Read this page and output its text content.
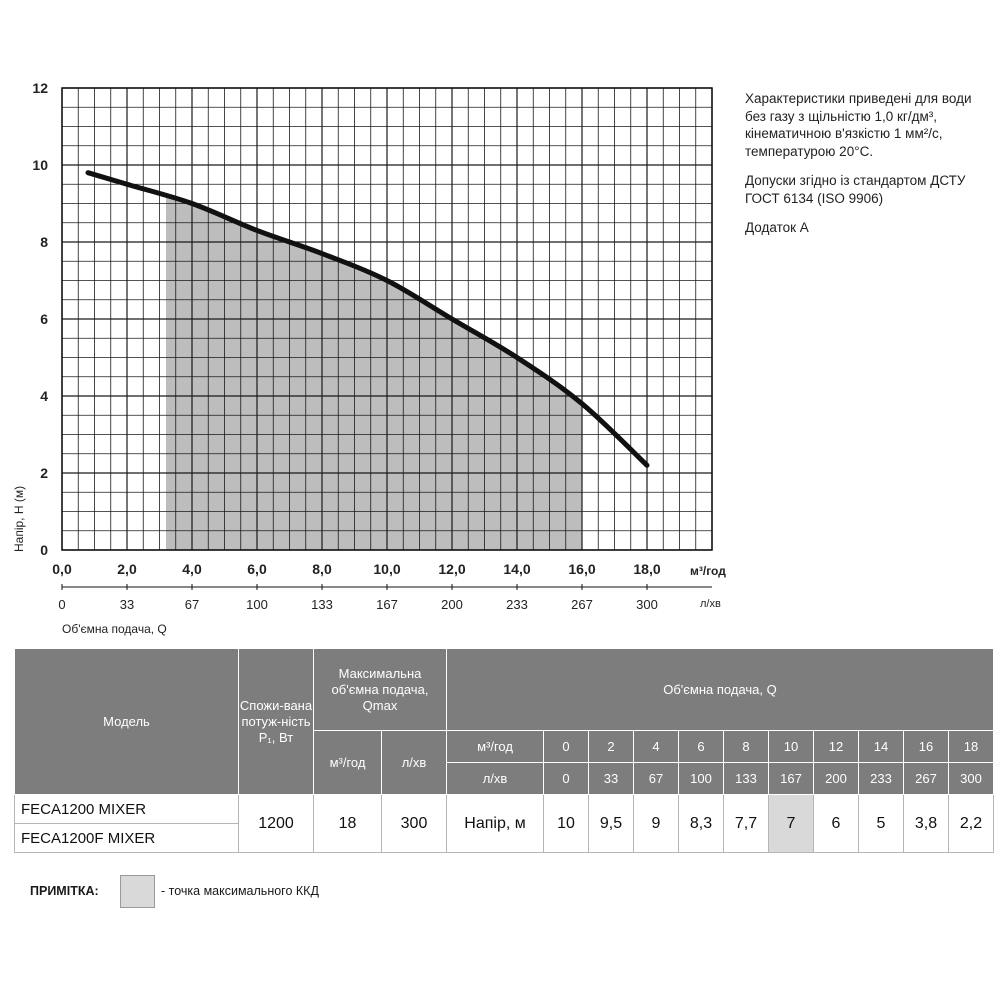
0
2
4
6
8
10
12
0,0
0
2,0
33
4,0
67
6,0
100
8,0
133
10,0
167
12,0
200
14,0
233
16,0
267
18,0
300
Напір, Н (м)
Об'ємна подача, Q
м³/год
л/хв

Характеристики приведені для води без газу з щільністю 1,0 кг/дм³, кінематичною в'язкістю 1 мм²/с, температурою 20°С.

Допуски згідно із стандартом ДСТУ ГОСТ 6134 (ISO 9906)

Додаток А

Модель	Спожи-вана потуж-ність Р₁, Вт	Максимальна об'ємна подача, Qmax		Об'ємна подача, Q										
		м³/год	л/хв	м³/год	0	2	4	6	8	10	12	14	16	18
				л/хв	0	33	67	100	133	167	200	233	267	300
FECA1200 MIXER	1200	18	300	Напір, м	10	9,5	9	8,3	7,7	7	6	5	3,8	2,2
FECA1200F MIXER														
ПРИМІТКА:	- точка максимального ККД
